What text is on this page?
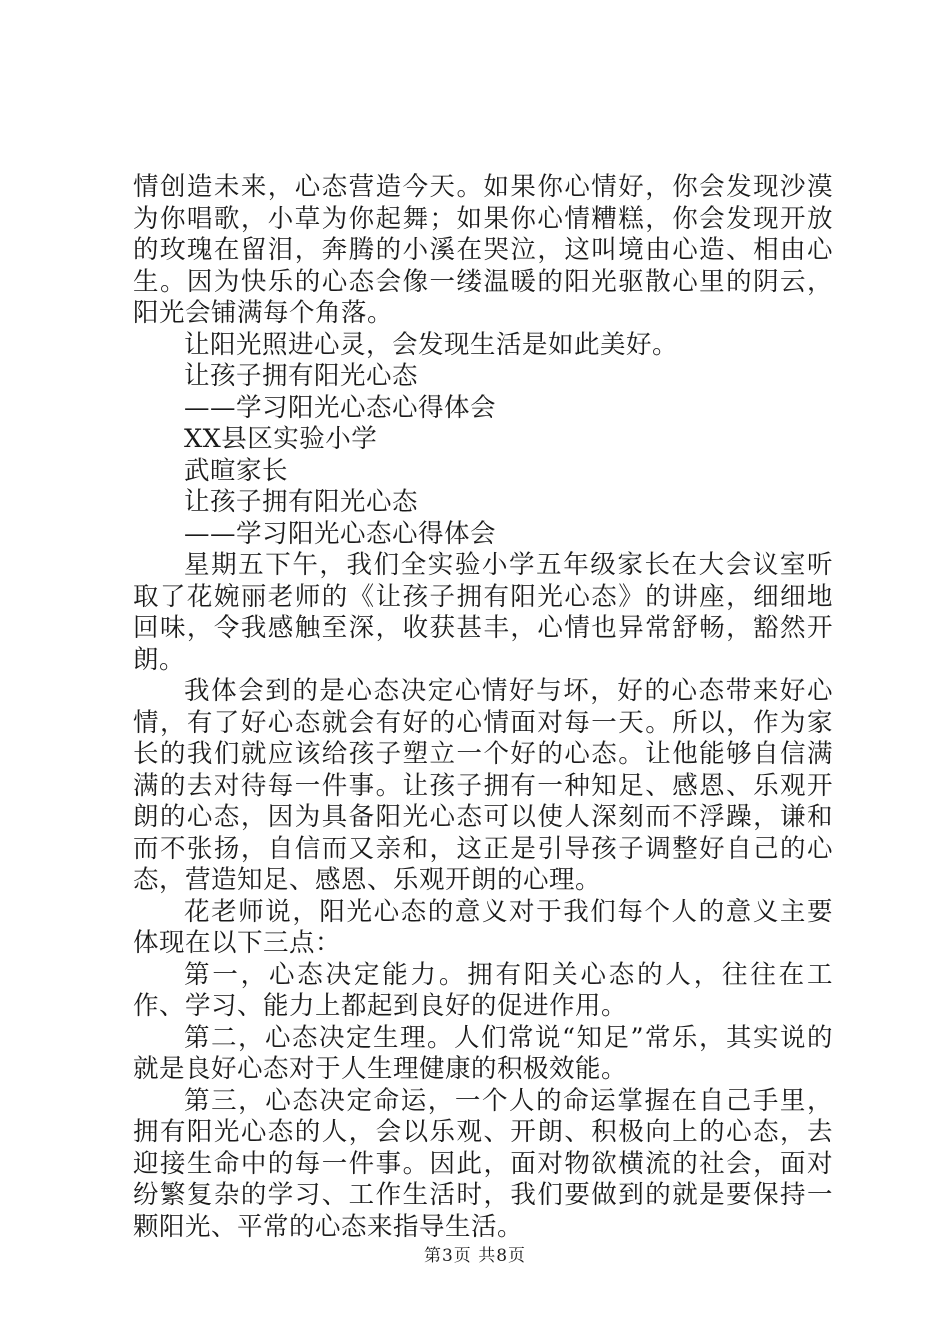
情创造未来，心态营造今天。如果你心情好，你会发现沙漠为你唱歌，小草为你起舞；如果你心情糟糕，你会发现开放的玫瑰在留泪，奔腾的小溪在哭泣，这叫境由心造、相由心生。因为快乐的心态会像一缕温暖的阳光驱散心里的阴云，阳光会铺满每个角落。

让阳光照进心灵，会发现生活是如此美好。

让孩子拥有阳光心态

——学习阳光心态心得体会

XX县区实验小学

武暄家长

让孩子拥有阳光心态

——学习阳光心态心得体会

星期五下午，我们全实验小学五年级家长在大会议室听取了花婉丽老师的《让孩子拥有阳光心态》的讲座，细细地回味，令我感触至深，收获甚丰，心情也异常舒畅，豁然开朗。

我体会到的是心态决定心情好与坏，好的心态带来好心情，有了好心态就会有好的心情面对每一天。所以，作为家长的我们就应该给孩子塑立一个好的心态。让他能够自信满满的去对待每一件事。让孩子拥有一种知足、感恩、乐观开朗的心态，因为具备阳光心态可以使人深刻而不浮躁，谦和而不张扬，自信而又亲和，这正是引导孩子调整好自己的心态，营造知足、感恩、乐观开朗的心理。

花老师说，阳光心态的意义对于我们每个人的意义主要体现在以下三点：

第一，心态决定能力。拥有阳关心态的人，往往在工作、学习、能力上都起到良好的促进作用。

第二，心态决定生理。人们常说“知足”常乐，其实说的就是良好心态对于人生理健康的积极效能。

第三，心态决定命运，一个人的命运掌握在自己手里，拥有阳光心态的人，会以乐观、开朗、积极向上的心态，去迎接生命中的每一件事。因此，面对物欲横流的社会，面对纷繁复杂的学习、工作生活时，我们要做到的就是要保持一颗阳光、平常的心态来指导生活。

第3页 共8页
